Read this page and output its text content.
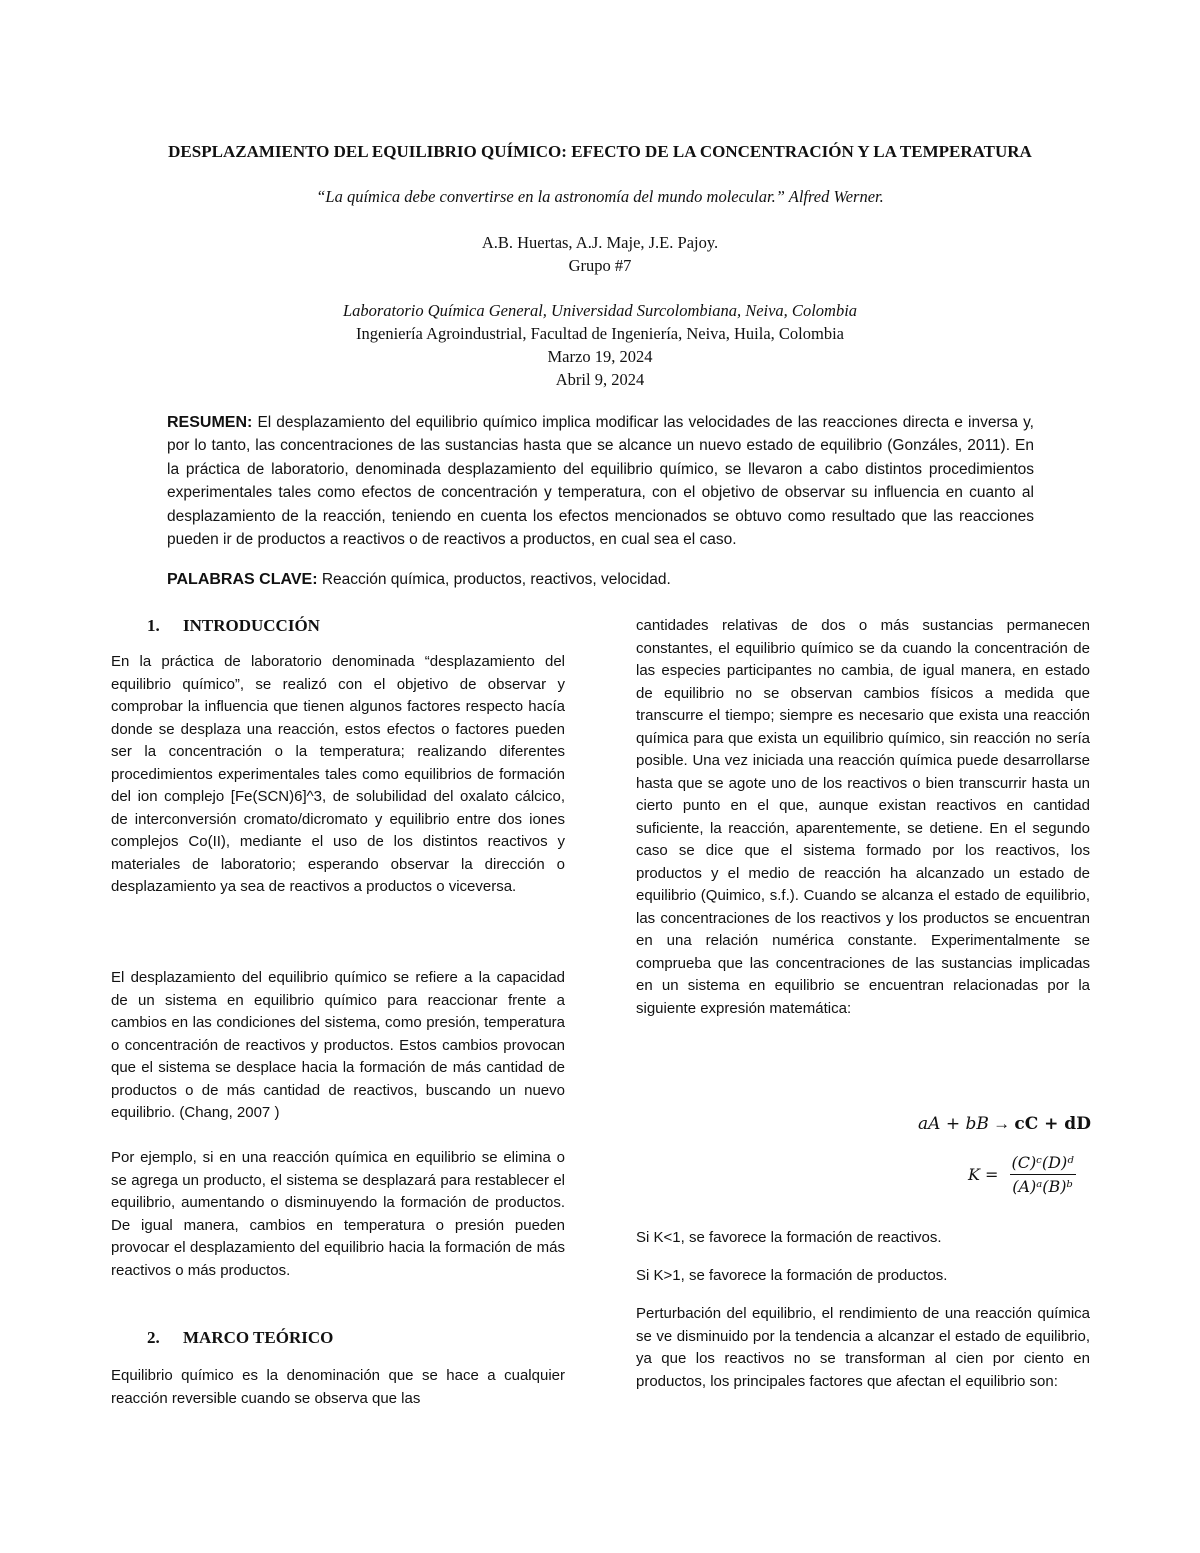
DESPLAZAMIENTO DEL EQUILIBRIO QUÍMICO: EFECTO DE LA CONCENTRACIÓN Y LA TEMPERATURA
“La química debe convertirse en la astronomía del mundo molecular.” Alfred Werner.
A.B. Huertas, A.J. Maje, J.E. Pajoy.
Grupo #7
Laboratorio Química General, Universidad Surcolombiana, Neiva, Colombia
Ingeniería Agroindustrial, Facultad de Ingeniería, Neiva, Huila, Colombia
Marzo 19, 2024
Abril 9, 2024
RESUMEN: El desplazamiento del equilibrio químico implica modificar las velocidades de las reacciones directa e inversa y, por lo tanto, las concentraciones de las sustancias hasta que se alcance un nuevo estado de equilibrio (Gonzáles, 2011). En la práctica de laboratorio, denominada desplazamiento del equilibrio químico, se llevaron a cabo distintos procedimientos experimentales tales como efectos de concentración y temperatura, con el objetivo de observar su influencia en cuanto al desplazamiento de la reacción, teniendo en cuenta los efectos mencionados se obtuvo como resultado que las reacciones pueden ir de productos a reactivos o de reactivos a productos, en cual sea el caso.
PALABRAS CLAVE: Reacción química, productos, reactivos, velocidad.
1. INTRODUCCIÓN

En la práctica de laboratorio denominada “desplazamiento del equilibrio químico”, se realizó con el objetivo de observar y comprobar la influencia que tienen algunos factores respecto hacía donde se desplaza una reacción, estos efectos o factores pueden ser la concentración o la temperatura; realizando diferentes procedimientos experimentales tales como equilibrios de formación del ion complejo [Fe(SCN)6]^3, de solubilidad del oxalato cálcico, de interconversión cromato/dicromato y equilibrio entre dos iones complejos Co(II), mediante el uso de los distintos reactivos y materiales de laboratorio; esperando observar la dirección o desplazamiento ya sea de reactivos a productos o viceversa.

El desplazamiento del equilibrio químico se refiere a la capacidad de un sistema en equilibrio químico para reaccionar frente a cambios en las condiciones del sistema, como presión, temperatura o concentración de reactivos y productos. Estos cambios provocan que el sistema se desplace hacia la formación de más cantidad de productos o de más cantidad de reactivos, buscando un nuevo equilibrio. (Chang, 2007 )

Por ejemplo, si en una reacción química en equilibrio se elimina o se agrega un producto, el sistema se desplazará para restablecer el equilibrio, aumentando o disminuyendo la formación de productos. De igual manera, cambios en temperatura o presión pueden provocar el desplazamiento del equilibrio hacia la formación de más reactivos o más productos.

2. MARCO TEÓRICO

Equilibrio químico es la denominación que se hace a cualquier reacción reversible cuando se observa que las

cantidades relativas de dos o más sustancias permanecen constantes, el equilibrio químico se da cuando la concentración de las especies participantes no cambia, de igual manera, en estado de equilibrio no se observan cambios físicos a medida que transcurre el tiempo; siempre es necesario que exista una reacción química para que exista un equilibrio químico, sin reacción no sería posible. Una vez iniciada una reacción química puede desarrollarse hasta que se agote uno de los reactivos o bien transcurrir hasta un cierto punto en el que, aunque existan reactivos en cantidad suficiente, la reacción, aparentemente, se detiene. En el segundo caso se dice que el sistema formado por los reactivos, los productos y el medio de reacción ha alcanzado un estado de equilibrio (Quimico, s.f.). Cuando se alcanza el estado de equilibrio, las concentraciones de los reactivos y los productos se encuentran en una relación numérica constante. Experimentalmente se comprueba que las concentraciones de las sustancias implicadas en un sistema en equilibrio se encuentran relacionadas por la siguiente expresión matemática:

aA + bB → cC + dD
$K = \frac{\text{(C)ᶜ(D)ᵈ}}{\text{(A)ᵃ(B)ᵇ}}$

Si K<1, se favorece la formación de reactivos.

Si K>1, se favorece la formación de productos.

Perturbación del equilibrio, el rendimiento de una reacción química se ve disminuido por la tendencia a alcanzar el estado de equilibrio, ya que los reactivos no se transforman al cien por ciento en productos, los principales factores que afectan el equilibrio son:
